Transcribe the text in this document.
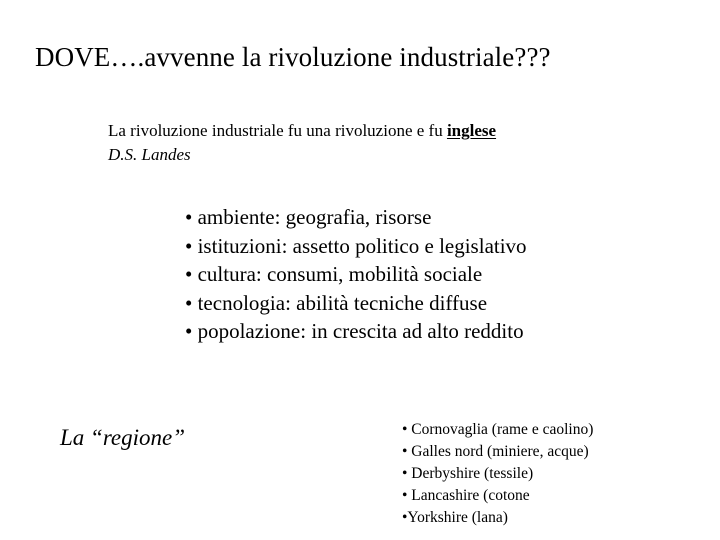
DOVE….avvenne la rivoluzione industriale???
La rivoluzione industriale fu una rivoluzione e fu inglese
D.S. Landes
• ambiente: geografia, risorse
• istituzioni: assetto politico e legislativo
• cultura: consumi, mobilità sociale
• tecnologia: abilità tecniche diffuse
• popolazione: in crescita ad alto reddito
La “regione”	• Cornovaglia (rame e caolino)
• Galles nord (miniere, acque)
• Derbyshire (tessile)
• Lancashire (cotone
•Yorkshire (lana)
